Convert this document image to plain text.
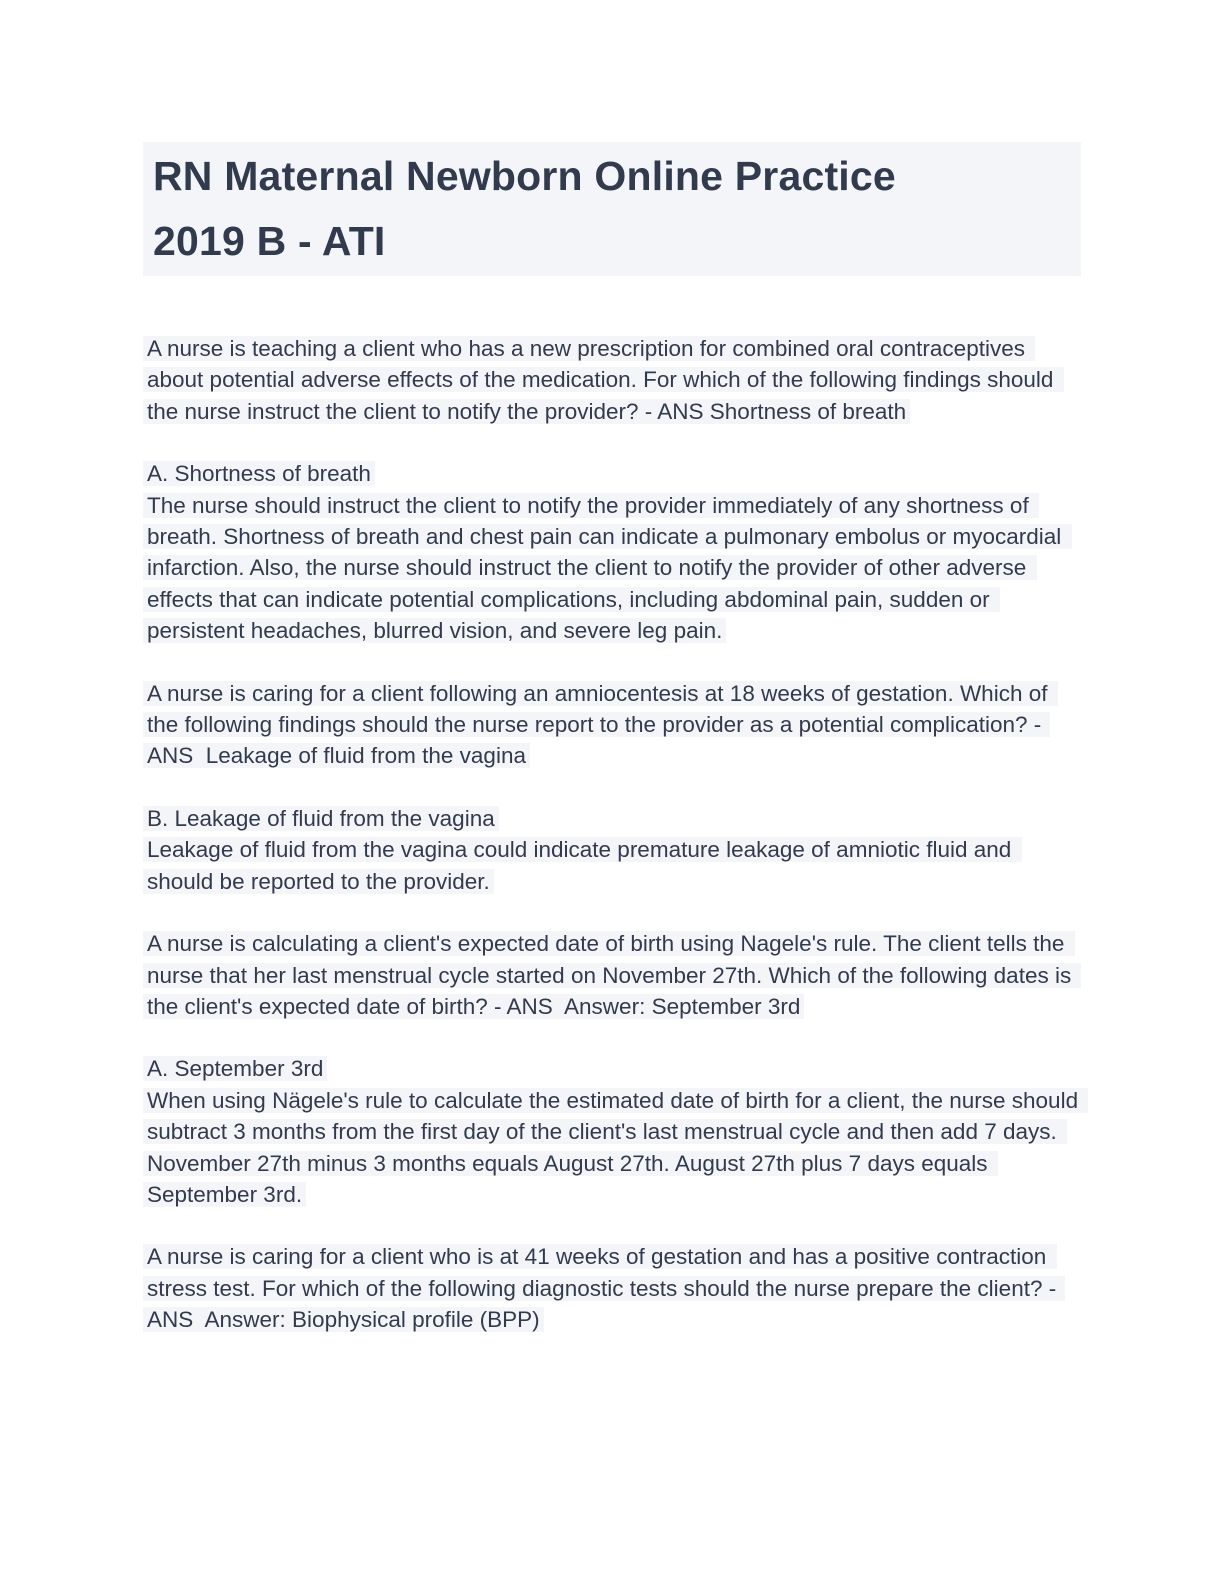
RN Maternal Newborn Online Practice
2019 B - ATI

A nurse is teaching a client who has a new prescription for combined oral contraceptives about potential adverse effects of the medication. For which of the following findings should the nurse instruct the client to notify the provider? - ANS Shortness of breath

A. Shortness of breath
The nurse should instruct the client to notify the provider immediately of any shortness of breath. Shortness of breath and chest pain can indicate a pulmonary embolus or myocardial infarction. Also, the nurse should instruct the client to notify the provider of other adverse effects that can indicate potential complications, including abdominal pain, sudden or persistent headaches, blurred vision, and severe leg pain.

A nurse is caring for a client following an amniocentesis at 18 weeks of gestation. Which of the following findings should the nurse report to the provider as a potential complication? - ANS  Leakage of fluid from the vagina

B. Leakage of fluid from the vagina
Leakage of fluid from the vagina could indicate premature leakage of amniotic fluid and should be reported to the provider.

A nurse is calculating a client's expected date of birth using Nagele's rule. The client tells the nurse that her last menstrual cycle started on November 27th. Which of the following dates is the client's expected date of birth? - ANS  Answer: September 3rd

A. September 3rd
When using Nägele's rule to calculate the estimated date of birth for a client, the nurse should subtract 3 months from the first day of the client's last menstrual cycle and then add 7 days. November 27th minus 3 months equals August 27th. August 27th plus 7 days equals September 3rd.

A nurse is caring for a client who is at 41 weeks of gestation and has a positive contraction stress test. For which of the following diagnostic tests should the nurse prepare the client? - ANS  Answer: Biophysical profile (BPP)
